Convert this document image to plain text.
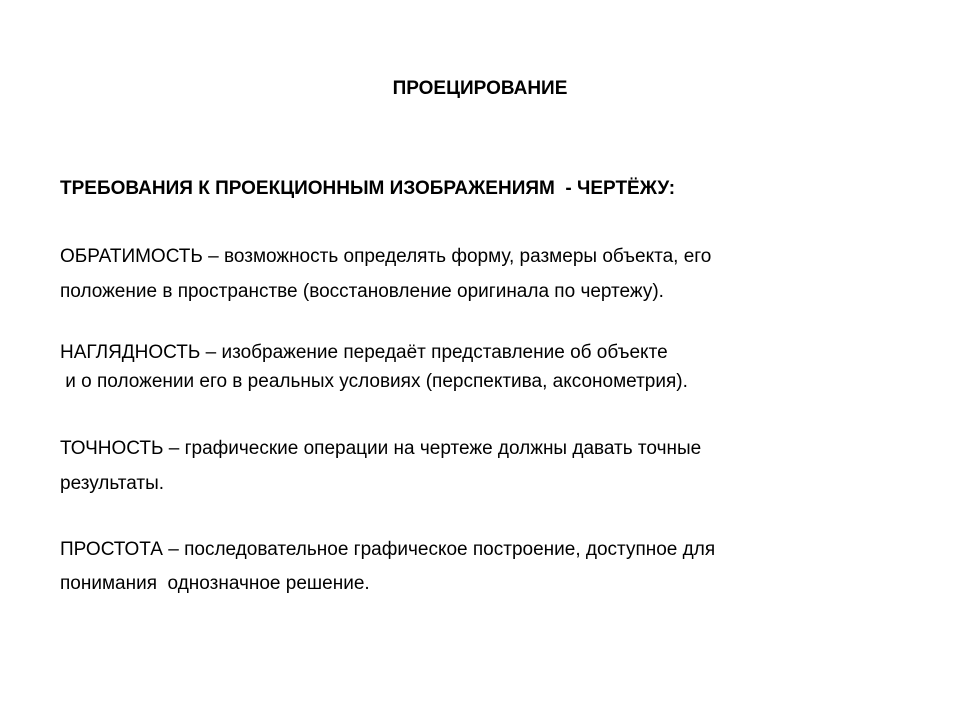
ПРОЕЦИРОВАНИЕ
ТРЕБОВАНИЯ К ПРОЕКЦИОННЫМ ИЗОБРАЖЕНИЯМ  - ЧЕРТЁЖУ:
ОБРАТИМОСТЬ – возможность определять форму, размеры объекта, его
положение в пространстве (восстановление оригинала по чертежу).
НАГЛЯДНОСТЬ – изображение передаёт представление об объекте
и о положении его в реальных условиях (перспектива, аксонометрия).
ТОЧНОСТЬ – графические операции на чертеже должны давать точные
результаты.
ПРОСТОТА – последовательное графическое построение, доступное для
понимания  однозначное решение.
